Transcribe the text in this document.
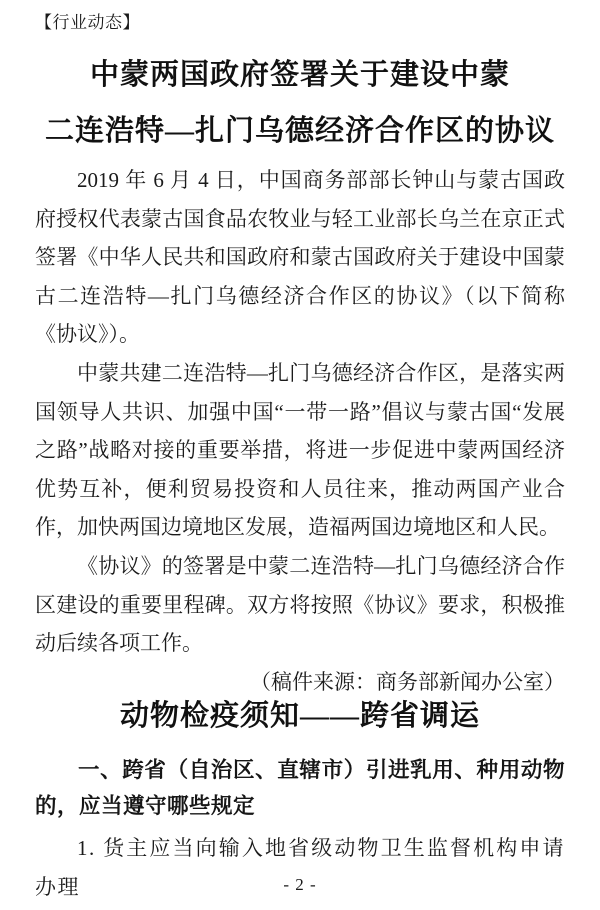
【行业动态】
中蒙两国政府签署关于建设中蒙
二连浩特—扎门乌德经济合作区的协议

2019 年 6 月 4 日，中国商务部部长钟山与蒙古国政府授权代表蒙古国食品农牧业与轻工业部长乌兰在京正式签署《中华人民共和国政府和蒙古国政府关于建设中国蒙古二连浩特—扎门乌德经济合作区的协议》（以下简称《协议》）。

中蒙共建二连浩特—扎门乌德经济合作区，是落实两国领导人共识、加强中国“一带一路”倡议与蒙古国“发展之路”战略对接的重要举措，将进一步促进中蒙两国经济优势互补，便利贸易投资和人员往来，推动两国产业合作，加快两国边境地区发展，造福两国边境地区和人民。

《协议》的签署是中蒙二连浩特—扎门乌德经济合作区建设的重要里程碑。双方将按照《协议》要求，积极推动后续各项工作。

（稿件来源：商务部新闻办公室）

动物检疫须知——跨省调运
一、跨省（自治区、直辖市）引进乳用、种用动物的，应当遵守哪些规定
1. 货主应当向输入地省级动物卫生监督机构申请办理	- 2 -
